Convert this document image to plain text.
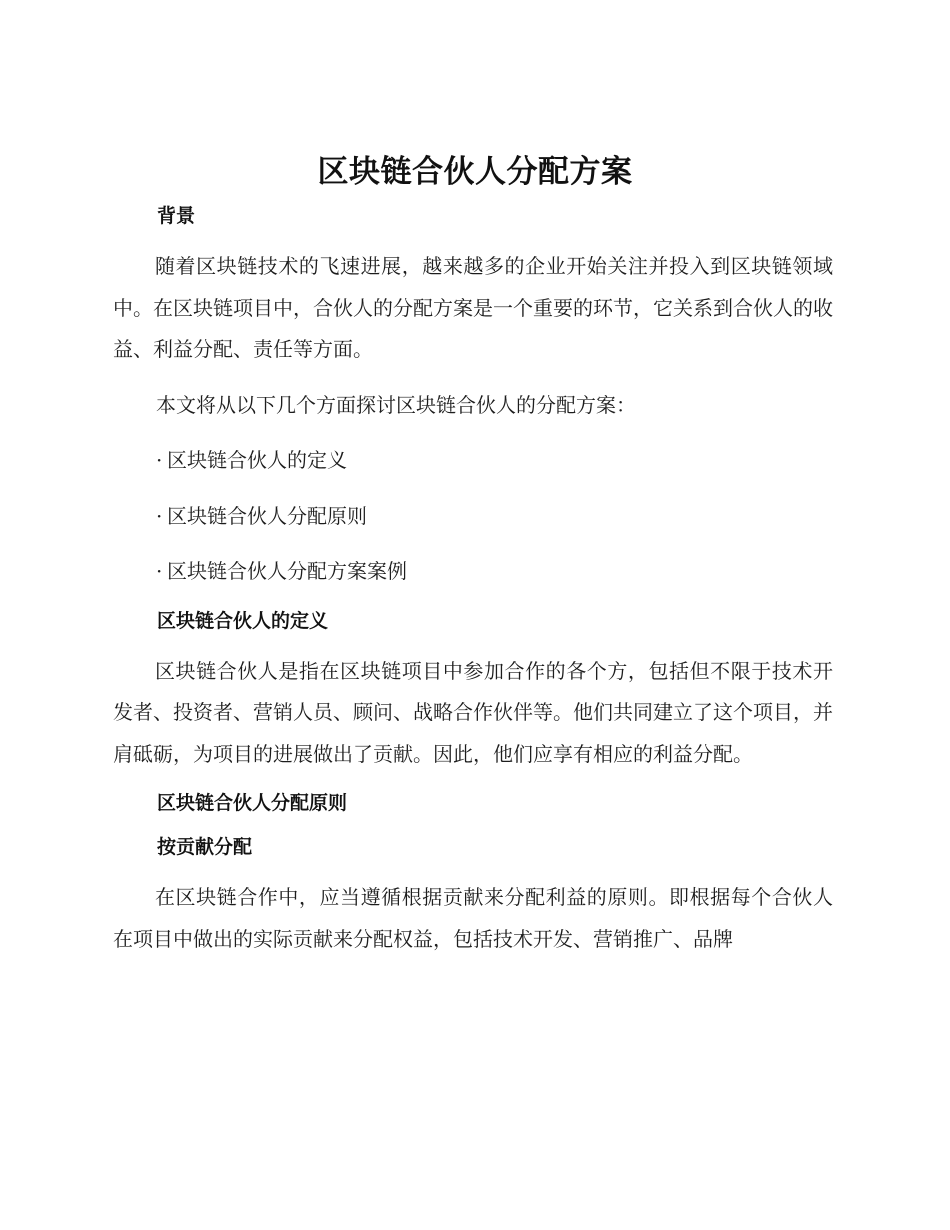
区块链合伙人分配方案
背景

随着区块链技术的飞速进展，越来越多的企业开始关注并投入到区块链领域中。在区块链项目中，合伙人的分配方案是一个重要的环节，它关系到合伙人的收益、利益分配、责任等方面。

本文将从以下几个方面探讨区块链合伙人的分配方案：

· 区块链合伙人的定义
· 区块链合伙人分配原则
· 区块链合伙人分配方案案例
区块链合伙人的定义

区块链合伙人是指在区块链项目中参加合作的各个方，包括但不限于技术开发者、投资者、营销人员、顾问、战略合作伙伴等。他们共同建立了这个项目，并肩砥砺，为项目的进展做出了贡献。因此，他们应享有相应的利益分配。

区块链合伙人分配原则
按贡献分配

在区块链合作中，应当遵循根据贡献来分配利益的原则。即根据每个合伙人在项目中做出的实际贡献来分配权益，包括技术开发、营销推广、品牌
